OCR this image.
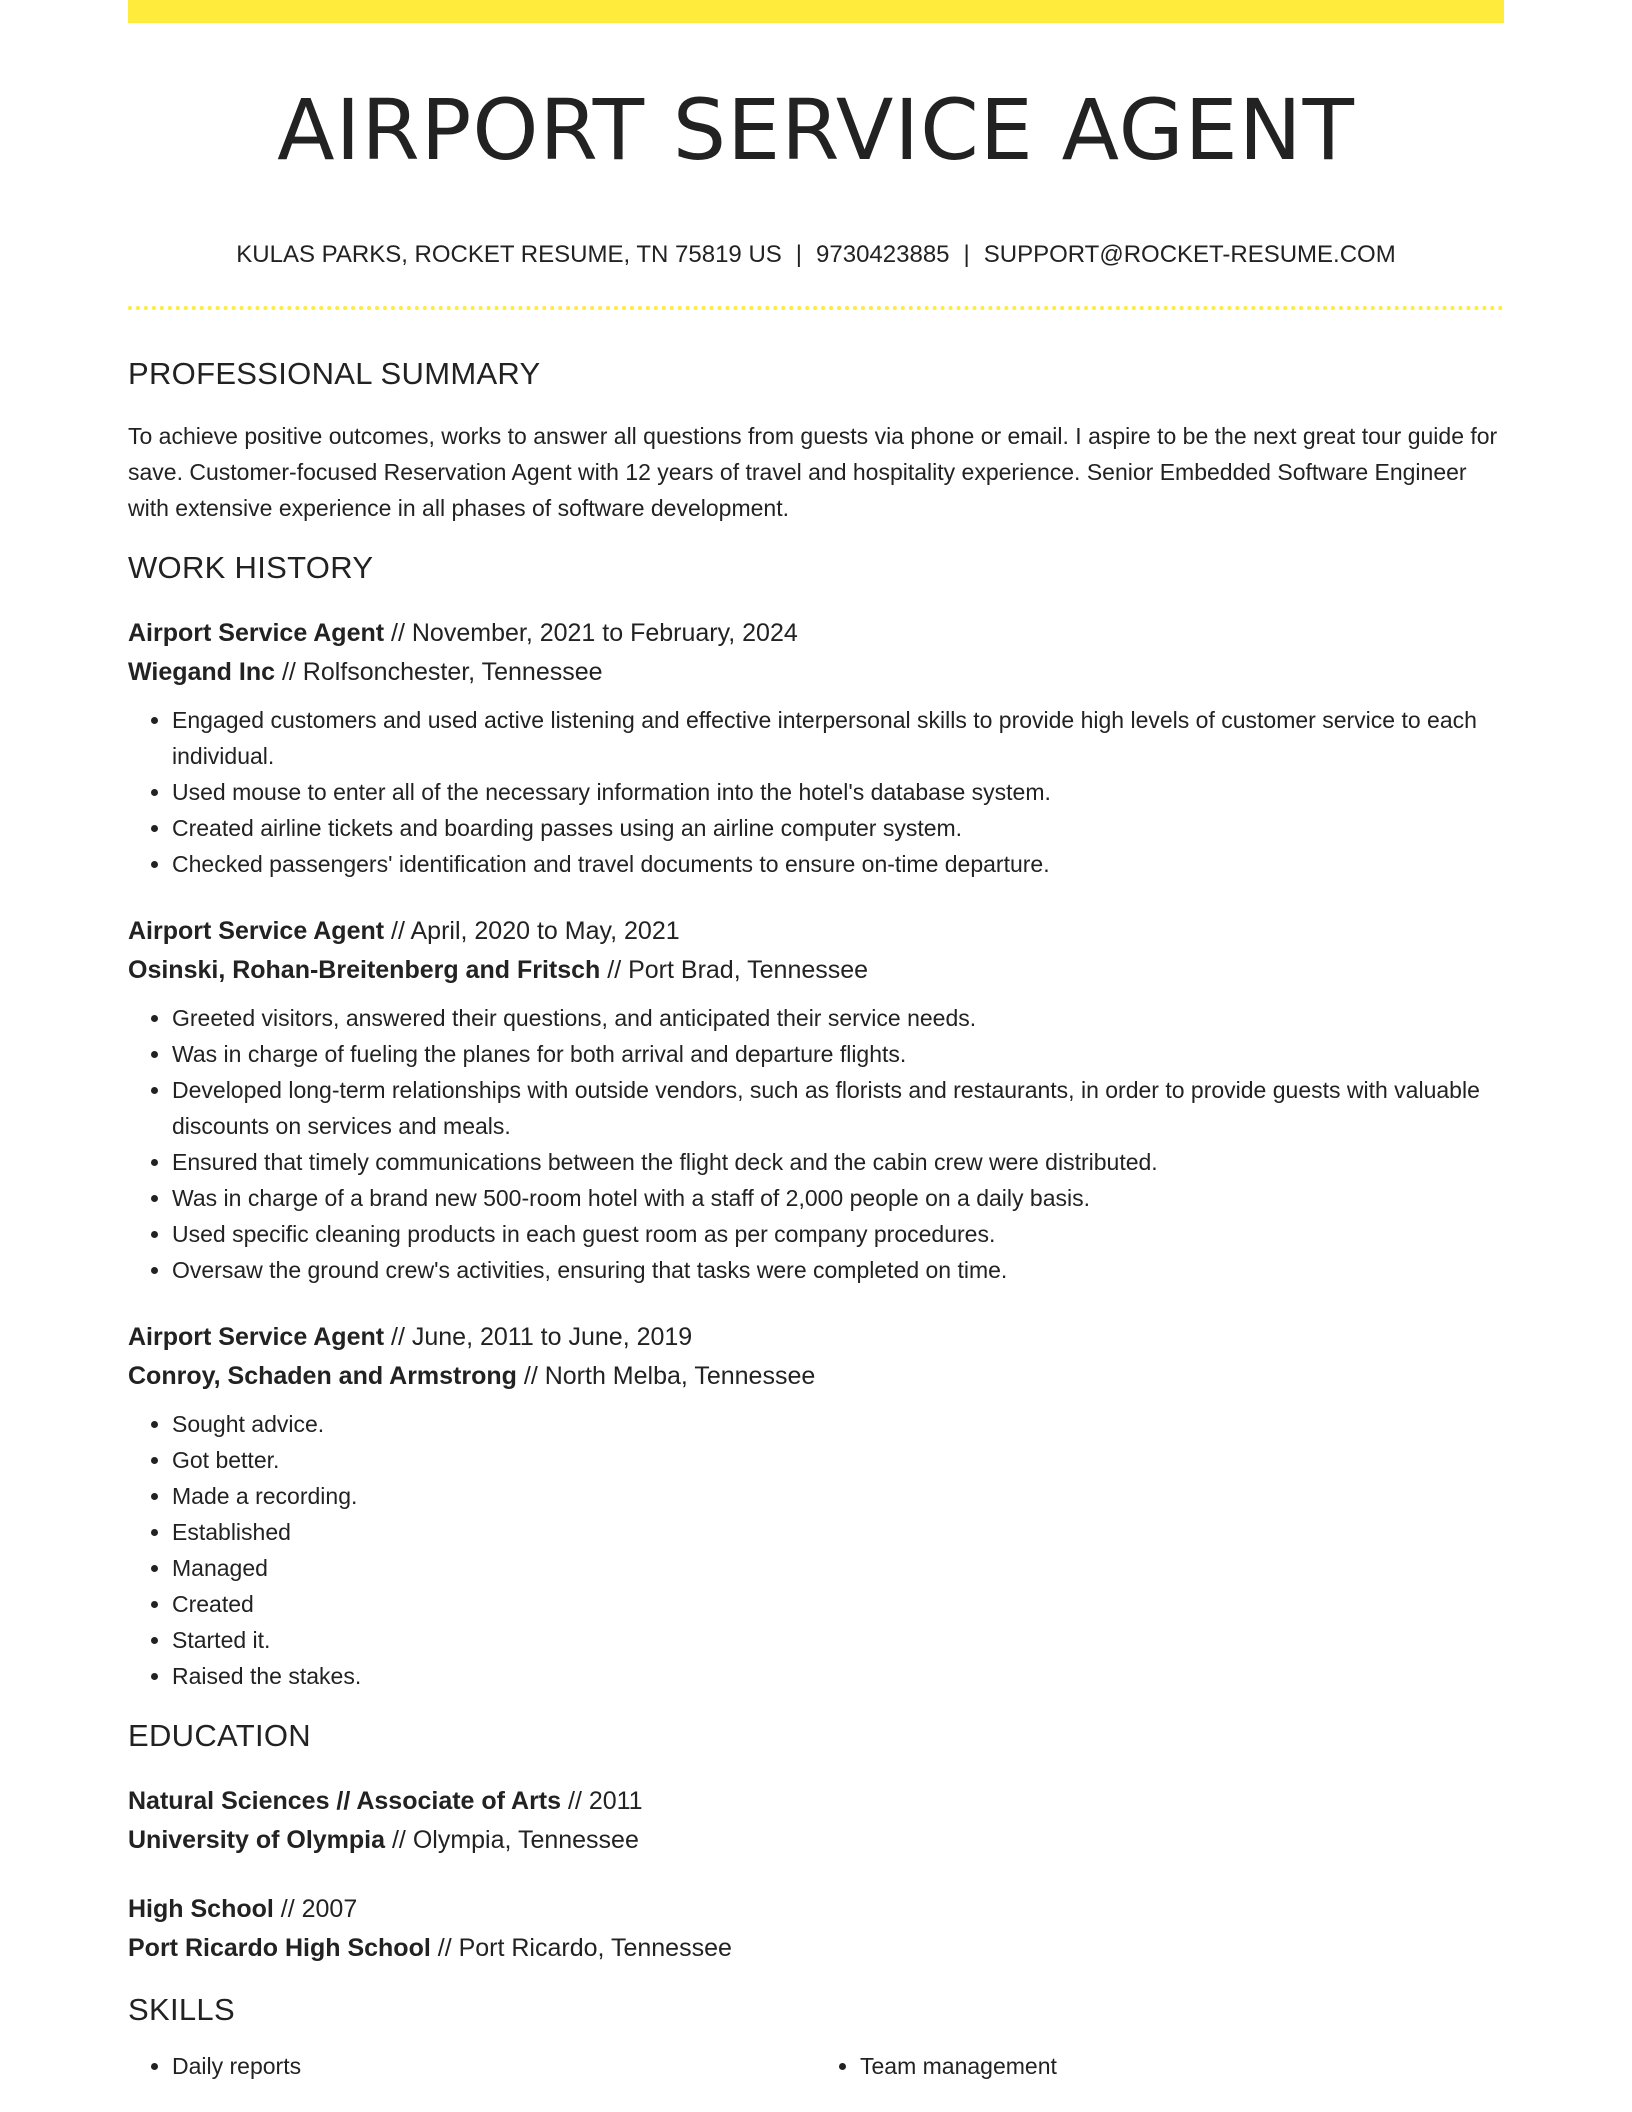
AIRPORT SERVICE AGENT
KULAS PARKS, ROCKET RESUME, TN 75819 US | 9730423885 | SUPPORT@ROCKET-RESUME.COM
PROFESSIONAL SUMMARY

To achieve positive outcomes, works to answer all questions from guests via phone or email. I aspire to be the next great tour guide for save. Customer-focused Reservation Agent with 12 years of travel and hospitality experience. Senior Embedded Software Engineer with extensive experience in all phases of software development.

WORK HISTORY
Airport Service Agent // November, 2021 to February, 2024
Wiegand Inc // Rolfsonchester, Tennessee
• Engaged customers and used active listening and effective interpersonal skills to provide high levels of customer service to each individual.
• Used mouse to enter all of the necessary information into the hotel's database system.
• Created airline tickets and boarding passes using an airline computer system.
• Checked passengers' identification and travel documents to ensure on-time departure.
Airport Service Agent // April, 2020 to May, 2021
Osinski, Rohan-Breitenberg and Fritsch // Port Brad, Tennessee
• Greeted visitors, answered their questions, and anticipated their service needs.
• Was in charge of fueling the planes for both arrival and departure flights.
• Developed long-term relationships with outside vendors, such as florists and restaurants, in order to provide guests with valuable discounts on services and meals.
• Ensured that timely communications between the flight deck and the cabin crew were distributed.
• Was in charge of a brand new 500-room hotel with a staff of 2,000 people on a daily basis.
• Used specific cleaning products in each guest room as per company procedures.
• Oversaw the ground crew's activities, ensuring that tasks were completed on time.
Airport Service Agent // June, 2011 to June, 2019
Conroy, Schaden and Armstrong // North Melba, Tennessee
• Sought advice.
• Got better.
• Made a recording.
• Established
• Managed
• Created
• Started it.
• Raised the stakes.
EDUCATION
Natural Sciences // Associate of Arts // 2011
University of Olympia // Olympia, Tennessee
High School // 2007
Port Ricardo High School // Port Ricardo, Tennessee
SKILLS
• Daily reports
•	Team management
